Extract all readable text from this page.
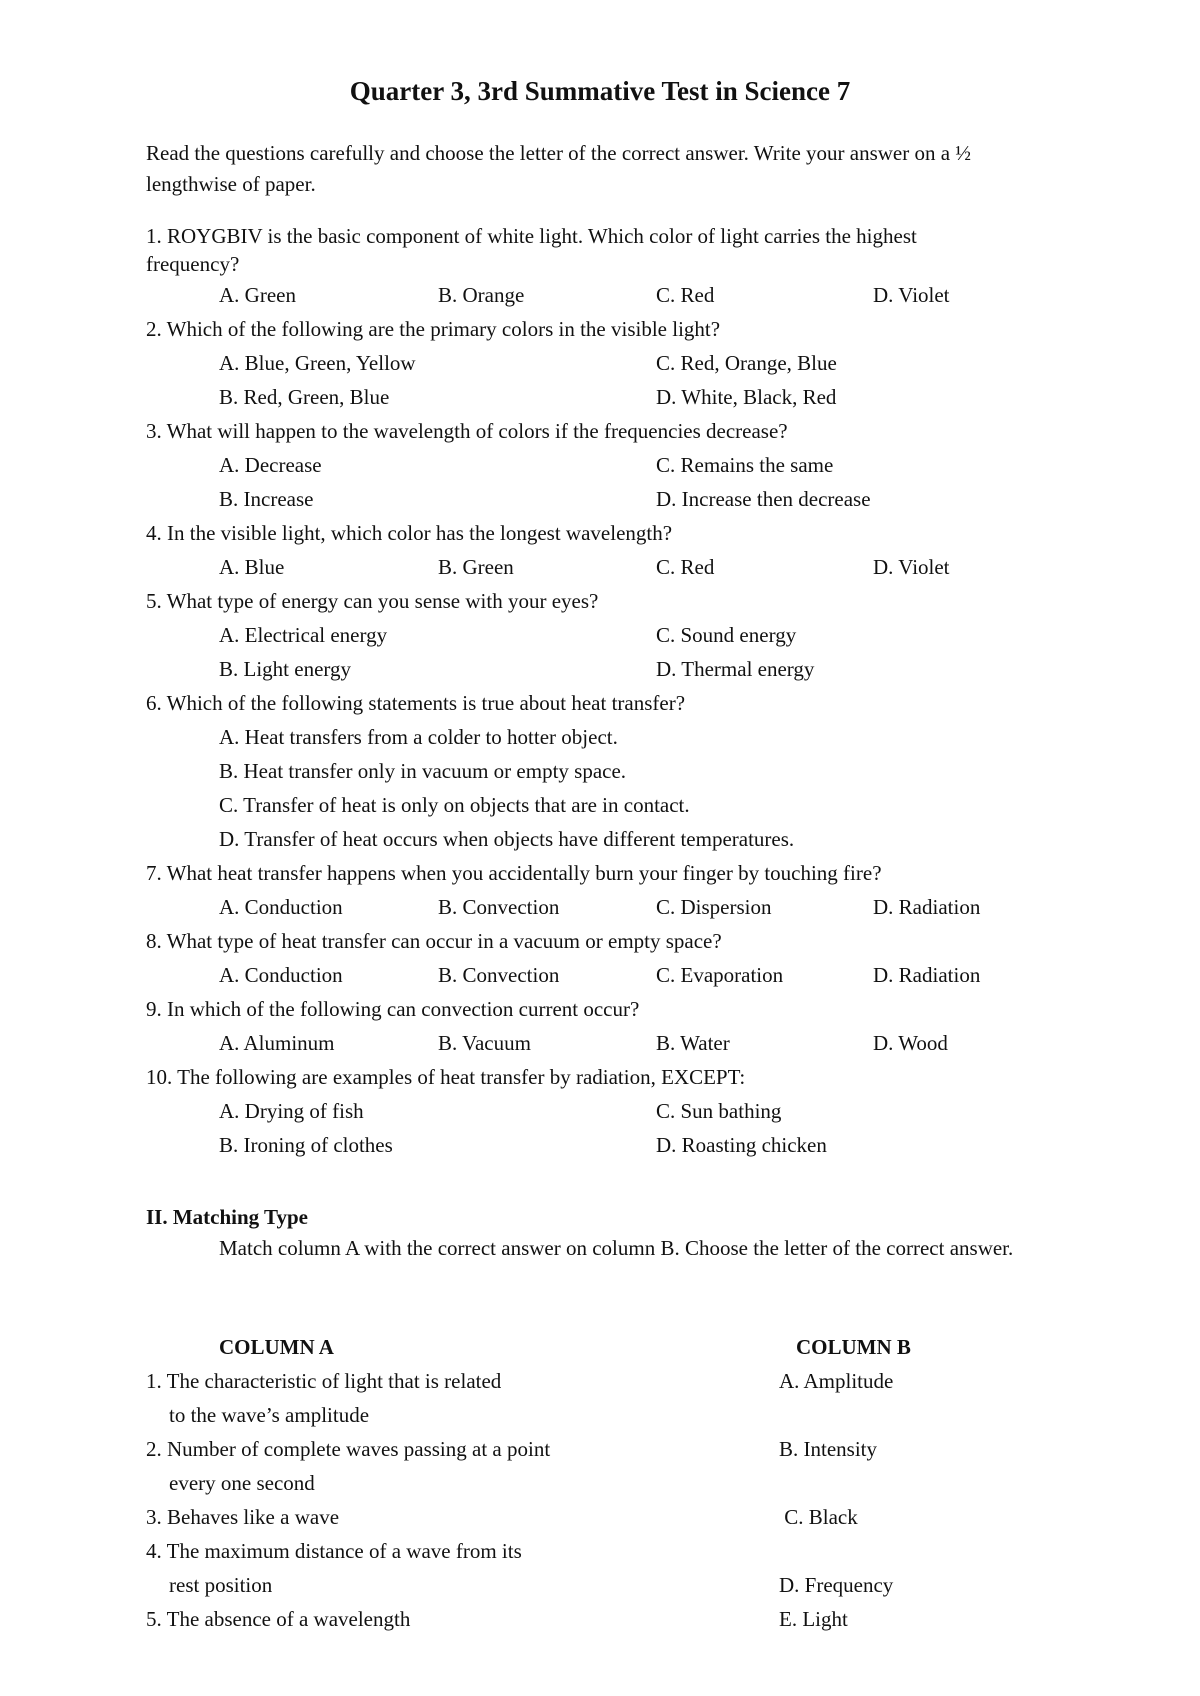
Quarter 3, 3rd Summative Test in Science 7
Read the questions carefully and choose the letter of the correct answer. Write your answer on a ½ lengthwise of paper.
1. ROYGBIV is the basic component of white light. Which color of light carries the highest
frequency?
A. Green	B. Orange	C. Red	D. Violet
2. Which of the following are the primary colors in the visible light?
A. Blue, Green, Yellow	C. Red, Orange, Blue
B. Red, Green, Blue	D. White, Black, Red
3. What will happen to the wavelength of colors if the frequencies decrease?
A. Decrease	C. Remains the same
B. Increase	D. Increase then decrease
4. In the visible light, which color has the longest wavelength?
A. Blue	B. Green	C. Red	D. Violet
5. What type of energy can you sense with your eyes?
A. Electrical energy	C. Sound energy
B. Light energy	D. Thermal energy
6. Which of the following statements is true about heat transfer?
A. Heat transfers from a colder to hotter object.
B. Heat transfer only in vacuum or empty space.
C. Transfer of heat is only on objects that are in contact.
D. Transfer of heat occurs when objects have different temperatures.
7. What heat transfer happens when you accidentally burn your finger by touching fire?
A. Conduction	B. Convection	C. Dispersion	D. Radiation
8. What type of heat transfer can occur in a vacuum or empty space?
A. Conduction	B. Convection	C. Evaporation	D. Radiation
9. In which of the following can convection current occur?
A. Aluminum	B. Vacuum	B. Water	D. Wood
10. The following are examples of heat transfer by radiation, EXCEPT:
A. Drying of fish	C. Sun bathing
B. Ironing of clothes	D. Roasting chicken
II. Matching Type
Match column A with the correct answer on column B. Choose the letter of the correct answer.
COLUMN A	COLUMN B
1. The characteristic of light that is related	A. Amplitude
to the wave’s amplitude
2. Number of complete waves passing at a point	B. Intensity
every one second
3. Behaves like a wave	C. Black
4. The maximum distance of a wave from its
rest position	D. Frequency
5. The absence of a wavelength	E. Light
